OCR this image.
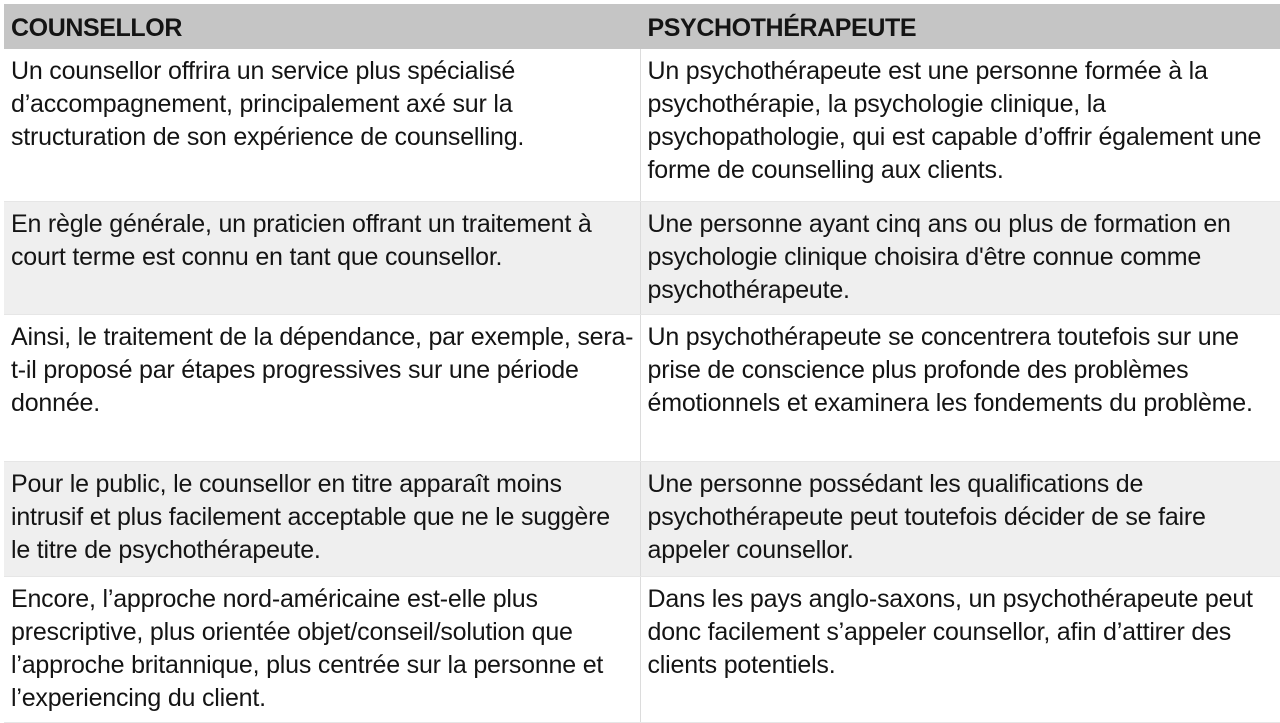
COUNSELLOR	PSYCHOTHÉRAPEUTE
Un counsellor offrira un service plus spécialisé d’accompagnement, principalement axé sur la structuration de son expérience de counselling.	Un psychothérapeute est une personne formée à la psychothérapie, la psychologie clinique, la psychopathologie, qui est capable d’offrir également une forme de counselling aux clients.
En règle générale, un praticien offrant un traitement à court terme est connu en tant que counsellor.	Une personne ayant cinq ans ou plus de formation en psychologie clinique choisira d'être connue comme psychothérapeute.
Ainsi, le traitement de la dépendance, par exemple, sera-t-il proposé par étapes progressives sur une période donnée.	Un psychothérapeute se concentrera toutefois sur une prise de conscience plus profonde des problèmes émotionnels et examinera les fondements du problème.
Pour le public, le counsellor en titre apparaît moins intrusif et plus facilement acceptable que ne le suggère le titre de psychothérapeute.	Une personne possédant les qualifications de psychothérapeute peut toutefois décider de se faire appeler counsellor.
Encore, l’approche nord-américaine est-elle plus prescriptive, plus orientée objet/conseil/solution que l’approche britannique, plus centrée sur la personne et l’experiencing du client.	Dans les pays anglo-saxons, un psychothérapeute peut donc facilement s’appeler counsellor, afin d’attirer des clients potentiels.
